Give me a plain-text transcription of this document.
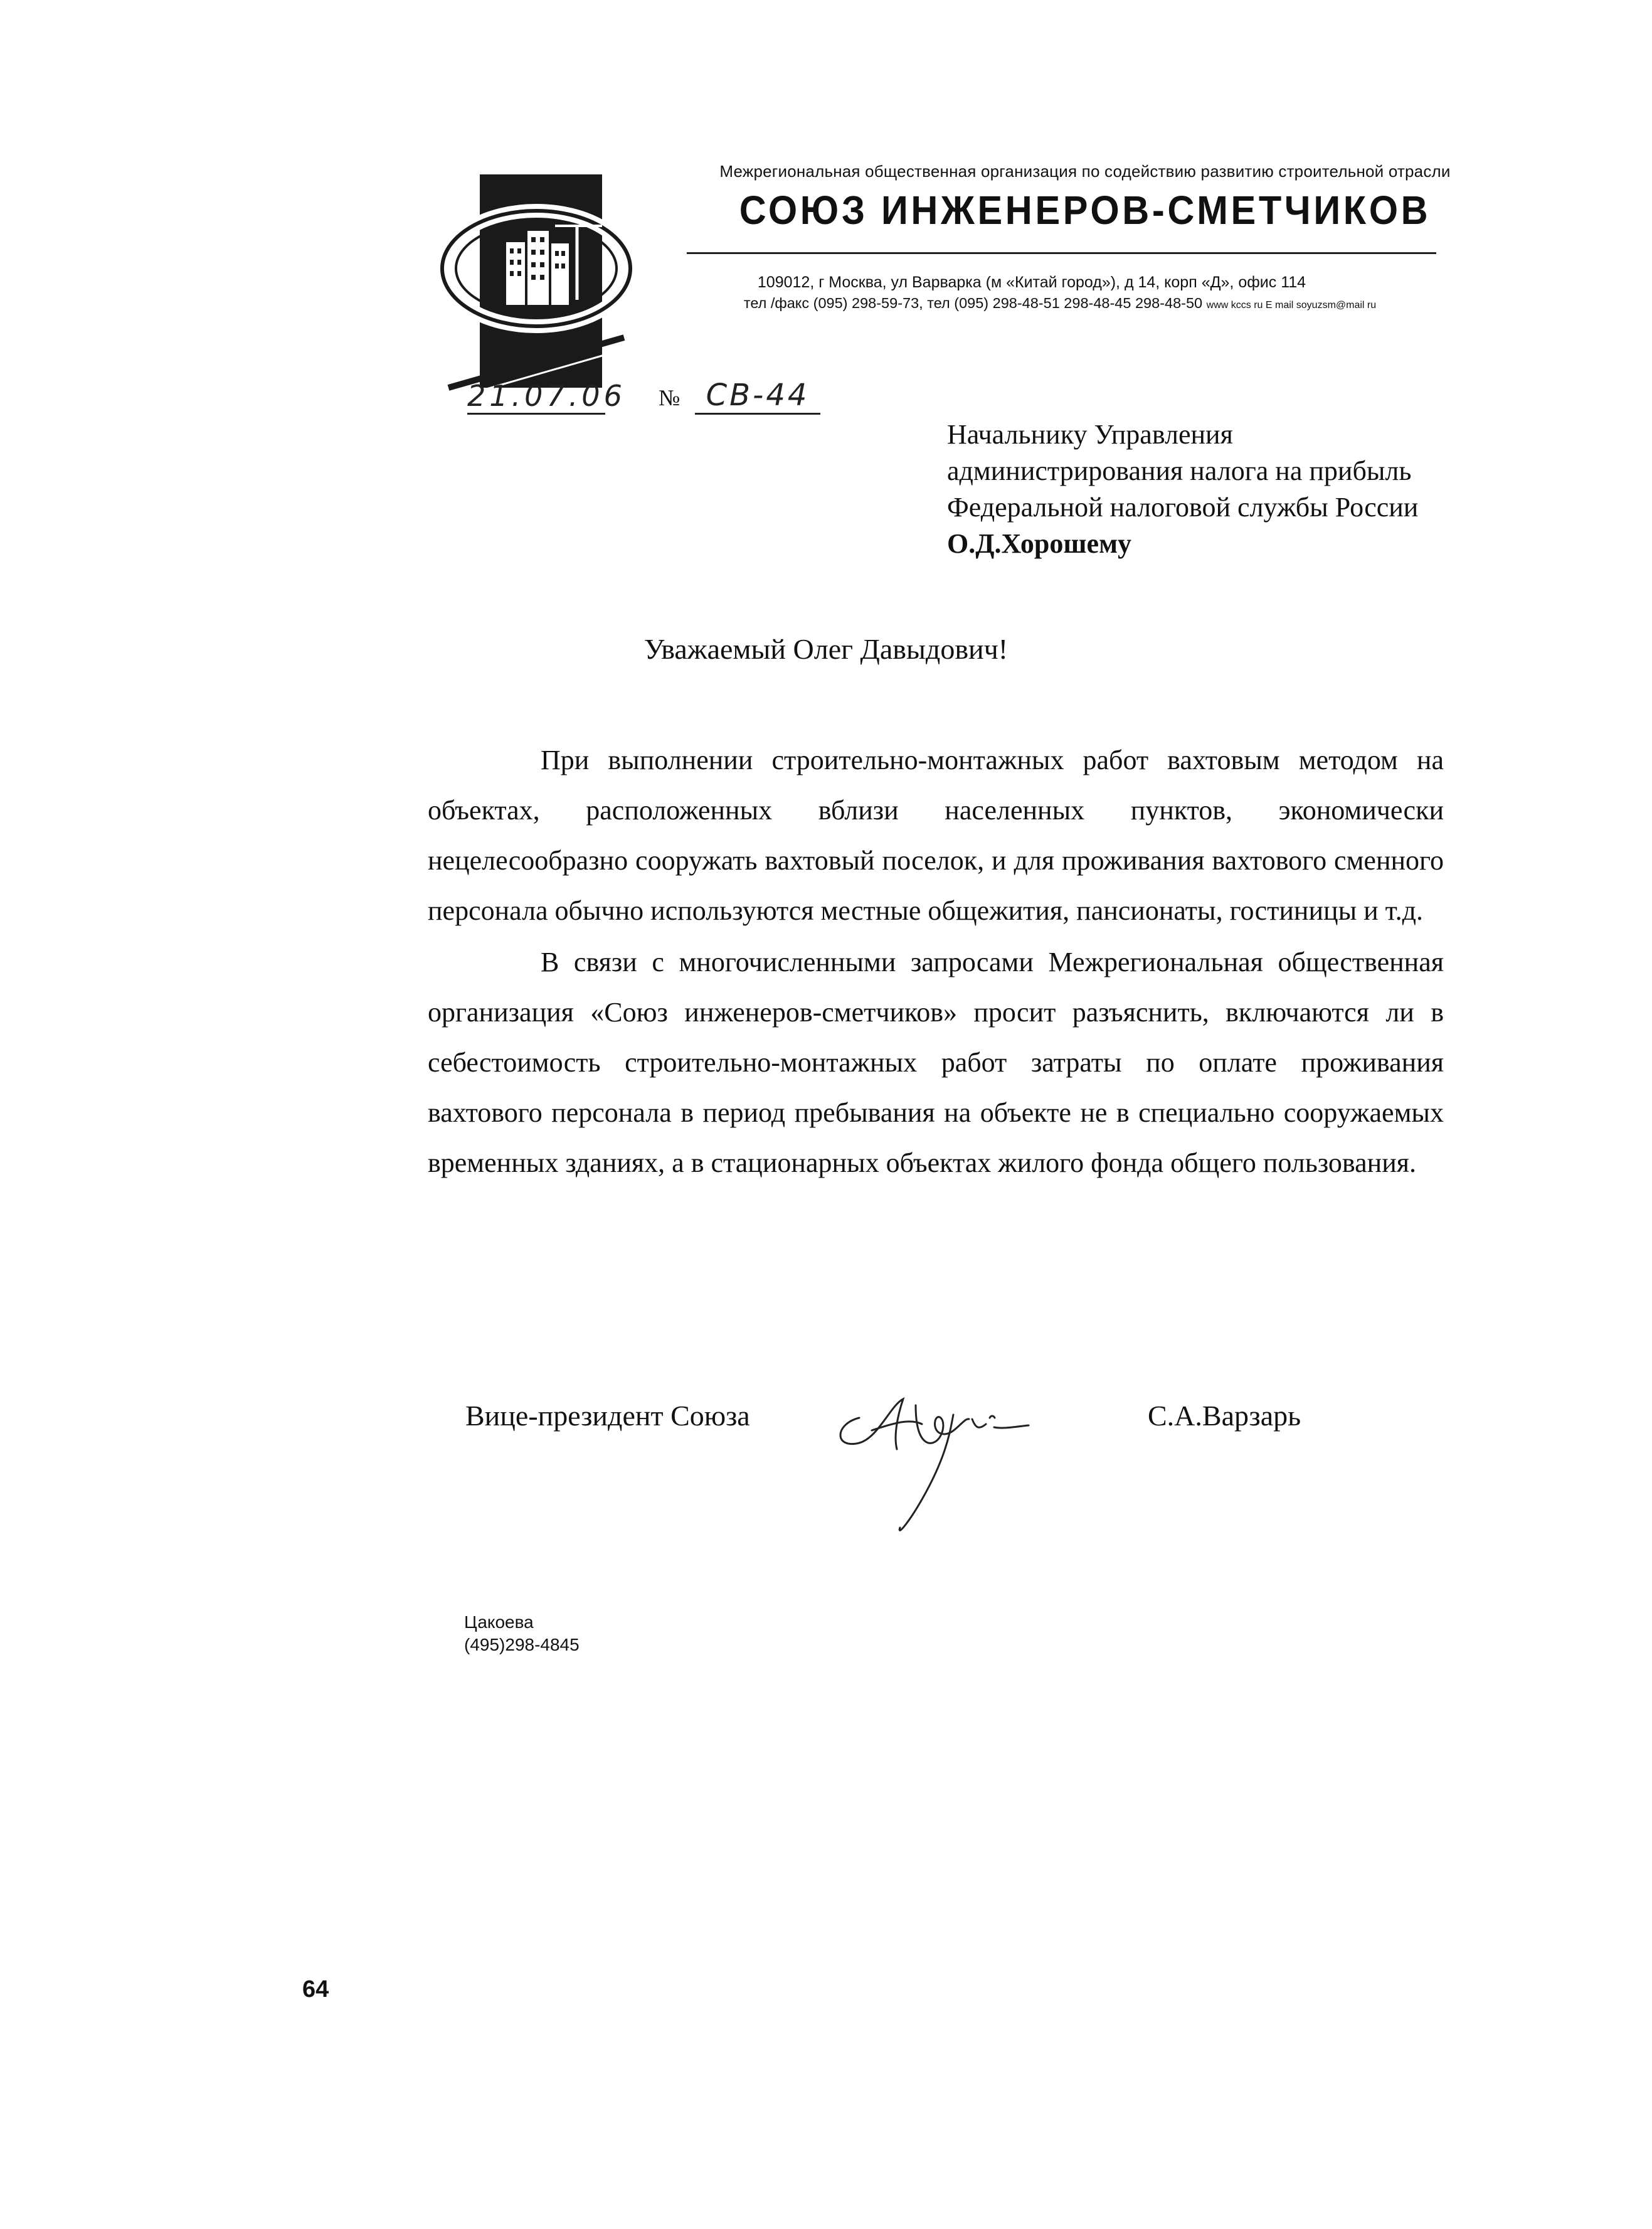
Межрегиональная общественная организация по содействию развитию строительной отрасли
СОЮЗ ИНЖЕНЕРОВ-СМЕТЧИКОВ
109012, г Москва, ул Варварка (м «Китай город»), д 14, корп «Д», офис 114
тел /факс (095) 298-59-73, тел (095) 298-48-51 298-48-45 298-48-50 www kccs ru E mail soyuzsm@mail ru
21.07.06 № СВ-44
Начальнику Управления
администрирования налога на прибыль
Федеральной налоговой службы России
О.Д.Хорошему
Уважаемый Олег Давыдович!

При выполнении строительно-монтажных работ вахтовым методом на объектах, расположенных вблизи населенных пунктов, экономически нецелесообразно сооружать вахтовый поселок, и для проживания вахтового сменного персонала обычно используются местные общежития, пансионаты, гостиницы и т.д.

В связи с многочисленными запросами Межрегиональная общественная организация «Союз инженеров-сметчиков» просит разъяснить, включаются ли в себестоимость строительно-монтажных работ затраты по оплате проживания вахтового персонала в период пребывания на объекте не в специально сооружаемых временных зданиях, а в стационарных объектах жилого фонда общего пользования.

Вице-президент Союза	С.А.Варзарь
Цакоева
(495)298-4845
64
